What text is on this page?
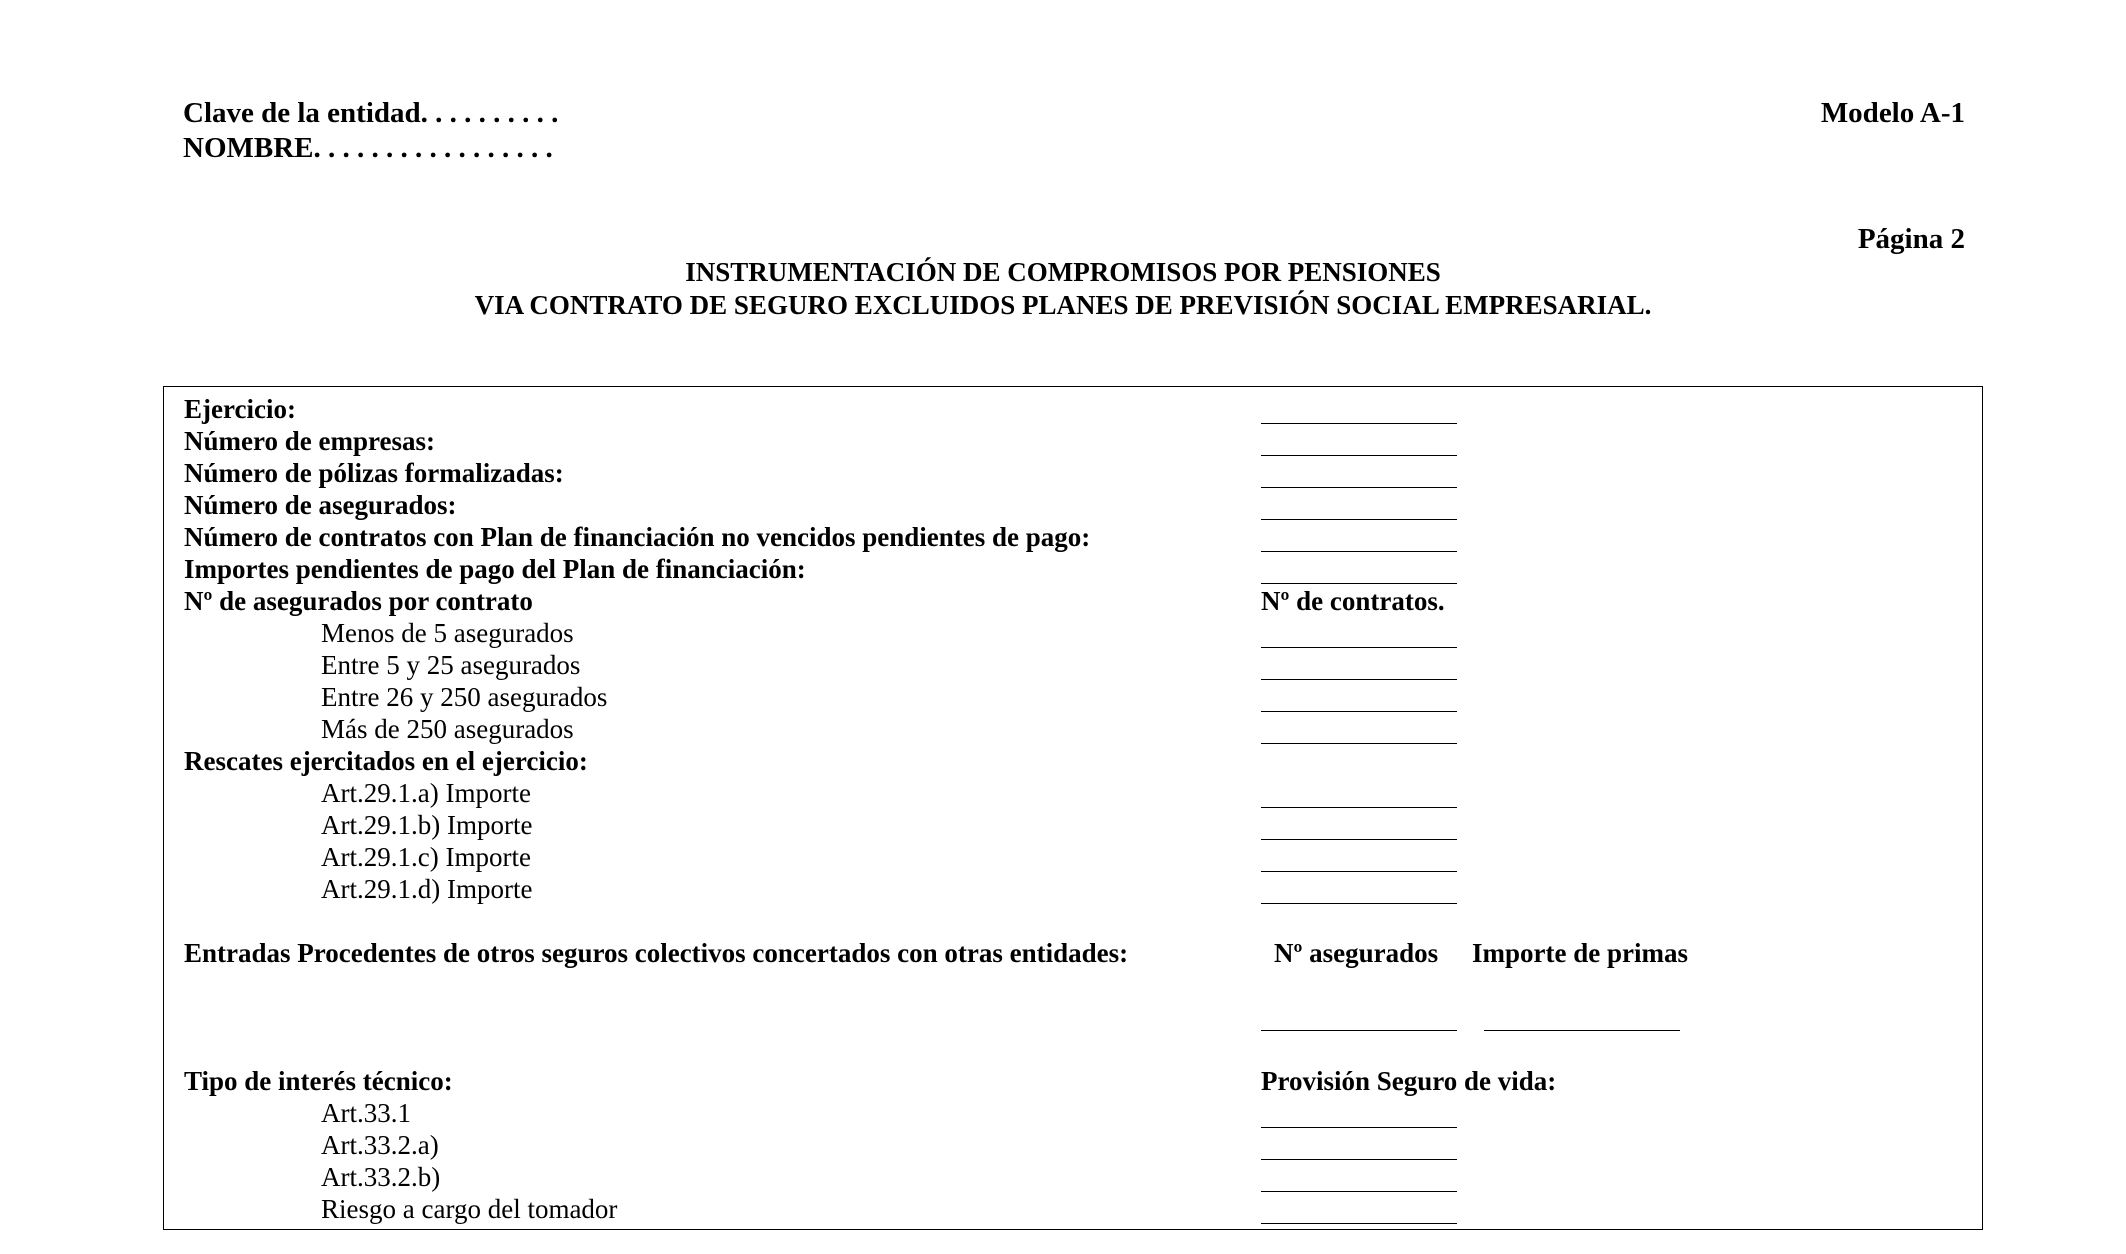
Clave de la entidad. . . . . . . . . .
NOMBRE. . . . . . . . . . . . . . . . .
Modelo A-1
Página 2
INSTRUMENTACIÓN DE COMPROMISOS POR PENSIONES
VIA CONTRATO DE SEGURO EXCLUIDOS PLANES DE PREVISIÓN SOCIAL EMPRESARIAL.
Ejercicio:
Número de empresas:
Número de pólizas formalizadas:
Número de asegurados:
Número de contratos con Plan de financiación no vencidos pendientes de pago:
Importes pendientes de pago del Plan de financiación:
Nº de asegurados por contrato	Nº de contratos.
Menos de 5 asegurados
Entre 5 y 25 asegurados
Entre 26 y 250 asegurados
Más de 250 asegurados
Rescates ejercitados en el ejercicio:
Art.29.1.a) Importe
Art.29.1.b) Importe
Art.29.1.c) Importe
Art.29.1.d) Importe
Entradas Procedentes de otros seguros colectivos concertados con otras entidades:	Nº asegurados Importe de primas
Tipo de interés técnico:	Provisión Seguro de vida:
Art.33.1
Art.33.2.a)
Art.33.2.b)
Riesgo a cargo del tomador
